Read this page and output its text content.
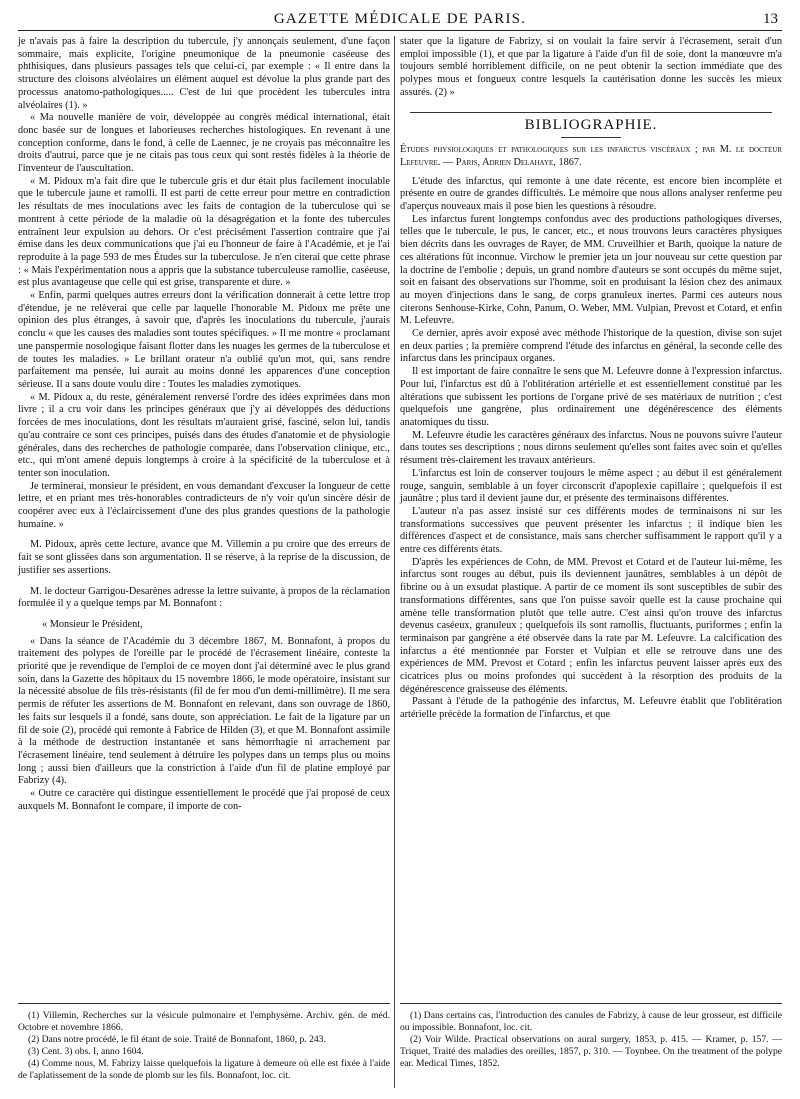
GAZETTE MÉDICALE DE PARIS.	13

je n'avais pas à faire la description du tubercule, j'y annonçais seulement, d'une façon sommaire, mais explicite, l'origine pneumonique de la pneumonie caséeuse des phthisiques, dans plusieurs passages tels que celui-ci, par exemple : « Il entre dans la structure des cloisons alvéolaires un élément auquel est dévolue la plus grande part des processus anatomo-pathologiques..... C'est de lui que procèdent les tubercules intra alvéolaires (1). »

« Ma nouvelle manière de voir, développée au congrès médical international, était donc basée sur de longues et laborieuses recherches histologiques. En revenant à une conception conforme, dans le fond, à celle de Laennec, je ne croyais pas méconnaître les droits d'autrui, parce que je ne citais pas tous ceux qui sont restés fidèles à la théorie de l'inventeur de l'auscultation.

« M. Pidoux m'a fait dire que le tubercule gris et dur était plus facilement inoculable que le tubercule jaune et ramolli. Il est parti de cette erreur pour mettre en contradiction les résultats de mes inoculations avec les faits de contagion de la tuberculose qui se montrent à cette période de la maladie où la désagrégation et la fonte des tubercules entraînent leur expulsion au dehors. Or c'est précisément l'assertion contraire que j'ai émise dans les deux communications que j'ai eu l'honneur de faire à l'Académie, et je l'ai reproduite à la page 593 de mes Études sur la tuberculose. Je n'en citerai que cette phrase : « Mais l'expérimentation nous a appris que la substance tuberculeuse ramollie, caséeuse, est plus avantageuse que celle qui est grise, transparente et dure. »

« Enfin, parmi quelques autres erreurs dont la vérification donnerait à cette lettre trop d'étendue, je ne relèverai que celle par laquelle l'honorable M. Pidoux me prête une opinion des plus étranges, à savoir que, d'après les inoculations du tubercule, j'aurais conclu « que les causes des maladies sont toutes spécifiques. » Il me montre « proclamant une panspermie nosologique faisant flotter dans les nuages les germes de la tuberculose et de toutes les maladies. » Le brillant orateur n'a oublié qu'un mot, qui, sans rendre parfaitement ma pensée, lui aurait au moins donné les apparences d'une conception sérieuse. Il a sans doute voulu dire : Toutes les maladies zymotiques.

« M. Pidoux a, du reste, généralement renversé l'ordre des idées exprimées dans mon livre ; il a cru voir dans les principes généraux que j'y ai développés des déductions forcées de mes inoculations, dont les résultats m'auraient grisé, fasciné, selon lui, tandis qu'au contraire ce sont ces principes, puisés dans des études d'anatomie et de physiologie générales, dans des recherches de pathologie comparée, dans l'observation clinique, etc., etc., qui m'ont amené depuis longtemps à croire à la spécificité de la tuberculose et à tenter son inoculation.

Je terminerai, monsieur le président, en vous demandant d'excuser la longueur de cette lettre, et en priant mes très-honorables contradicteurs de n'y voir qu'un sincère désir de coopérer avec eux à l'éclaircissement d'une des plus grandes questions de la pathologie humaine. »

M. Pidoux, après cette lecture, avance que M. Villemin a pu croire que des erreurs de fait se sont glissées dans son argumentation. Il se réserve, à la reprise de la discussion, de justifier ses assertions.

M. le docteur Garrigou-Desarènes adresse la lettre suivante, à propos de la réclamation formulée il y a quelque temps par M. Bonnafont :

« Monsieur le Président,

« Dans la séance de l'Académie du 3 décembre 1867, M. Bonnafont, à propos du traitement des polypes de l'oreille par le procédé de l'écrasement linéaire, conteste la priorité que je revendique de l'emploi de ce moyen dont j'ai déterminé avec le plus grand soin, dans la Gazette des hôpitaux du 15 novembre 1866, le mode opératoire, insistant sur la nécessité absolue de fils très-résistants (fil de fer mou d'un demi-millimètre). Il me sera permis de réfuter les assertions de M. Bonnafont en relevant, dans son ouvrage de 1860, les faits sur lesquels il a fondé, sans doute, son appréciation. Le fait de la ligature par un fil de soie (2), procédé qui remonte à Fabrice de Hilden (3), et que M. Bonnafont assimile à la méthode de destruction instantanée et sans hémorrhagie ni arrachement par l'écrasement linéaire, tend seulement à détruire les polypes dans un temps plus ou moins long ; aussi bien d'ailleurs que la constriction à l'aide d'un fil de platine employé par Fabrizy (4).

« Outre ce caractère qui distingue essentiellement le procédé que j'ai proposé de ceux auxquels M. Bonnafont le compare, il importe de con-

stater que la ligature de Fabrizy, si on voulait la faire servir à l'écrasement, serait d'un emploi impossible (1), et que par la ligature à l'aide d'un fil de soie, dont la manœuvre m'a toujours semblé horriblement difficile, on ne peut obtenir la section immédiate que des polypes mous et fongueux contre lesquels la cautérisation donne les succès les mieux assurés. (2) »

BIBLIOGRAPHIE.

Études physiologiques et pathologiques sur les infarctus viscéraux ; par M. le docteur Lefeuvre. — Paris, Adrien Delahaye, 1867.

L'étude des infarctus, qui remonte à une date récente, est encore bien incomplète et présente en outre de grandes difficultés. Le mémoire que nous allons analyser renferme peu d'aperçus nouveaux mais il pose bien les questions à résoudre.

Les infarctus furent longtemps confondus avec des productions pathologiques diverses, telles que le tubercule, le pus, le cancer, etc., et nous trouvons leurs caractères physiques bien décrits dans les ouvrages de Rayer, de MM. Cruveilhier et Barth, quoique la nature de ces altérations fût inconnue. Virchow le premier jeta un jour nouveau sur cette question par la doctrine de l'embolie ; depuis, un grand nombre d'auteurs se sont occupés du même sujet, soit en faisant des observations sur l'homme, soit en produisant la lésion chez des animaux au moyen d'injections dans le sang, de corps granuleux inertes. Parmi ces auteurs nous citerons Senhouse-Kirke, Cohn, Panum, O. Weber, MM. Vulpian, Prevost et Cotard, et enfin M. Lefeuvre.

Ce dernier, après avoir exposé avec méthode l'historique de la question, divise son sujet en deux parties ; la première comprend l'étude des infarctus en général, la seconde celle des infarctus dans les principaux organes.

Il est important de faire connaître le sens que M. Lefeuvre donne à l'expression infarctus. Pour lui, l'infarctus est dû à l'oblitération artérielle et est essentiellement constitué par les altérations que subissent les portions de l'organe privé de ses matériaux de nutrition ; c'est quelquefois une gangrène, plus ordinairement une dégénérescence des éléments anatomiques du tissu.

M. Lefeuvre étudie les caractères généraux des infarctus. Nous ne pouvons suivre l'auteur dans toutes ses descriptions ; nous dirons seulement qu'elles sont faites avec soin et qu'elles résument très-clairement les travaux antérieurs.

L'infarctus est loin de conserver toujours le même aspect ; au début il est généralement rouge, sanguin, semblable à un foyer circonscrit d'apoplexie capillaire ; quelquefois il est jaunâtre ; plus tard il devient jaune dur, et présente des terminaisons différentes.

L'auteur n'a pas assez insisté sur ces différents modes de terminaisons ni sur les transformations successives que peuvent présenter les infarctus ; il indique bien les différences d'aspect et de consistance, mais sans chercher suffisamment le rapport qu'il y a entre ces différents états.

D'après les expériences de Cohn, de MM. Prevost et Cotard et de l'auteur lui-même, les infarctus sont rouges au début, puis ils deviennent jaunâtres, semblables à un dépôt de fibrine ou à un exsudat plastique. A partir de ce moment ils sont susceptibles de subir des transformations différentes, sans que l'on puisse savoir quelle est la cause prochaine qui amène telle transformation plutôt que telle autre. C'est ainsi qu'on trouve des infarctus devenus caséeux, granuleux ; quelquefois ils sont ramollis, fluctuants, puriformes ; enfin la terminaison par gangrène a été observée dans la rate par M. Lefeuvre. La calcification des infarctus a été mentionnée par Forster et Vulpian et elle se retrouve dans une des expériences de MM. Prevost et Cotard ; enfin les infarctus peuvent laisser après eux des cicatrices plus ou moins profondes qui succèdent à la résorption des produits de la dégénérescence graisseuse des éléments.

Passant à l'étude de la pathogénie des infarctus, M. Lefeuvre établit que l'oblitération artérielle précède la formation de l'infarctus, et que

(1) Villemin, Recherches sur la vésicule pulmonaire et l'emphysème. Archiv. gén. de méd. Octobre et novembre 1866.

(2) Dans notre procédé, le fil étant de soie. Traité de Bonnafont, 1860, p. 243.

(3) Cent. 3) obs. I, anno 1604.

(4) Comme nous, M. Fabrizy laisse quelquefois la ligature à demeure où elle est fixée à l'aide de l'aplatissement de la sonde de plomb sur les fils. Bonnafont, loc. cit.

(1) Dans certains cas, l'introduction des canules de Fabrizy, à cause de leur grosseur, est difficile ou impossible. Bonnafont, loc. cit.

(2) Voir Wilde. Practical observations on aural surgery, 1853, p. 415. — Kramer, p. 157. — Triquet, Traité des maladies des oreilles, 1857, p. 310. — Toynbee. On the treatment of the polype ear. Medical Times, 1852.
